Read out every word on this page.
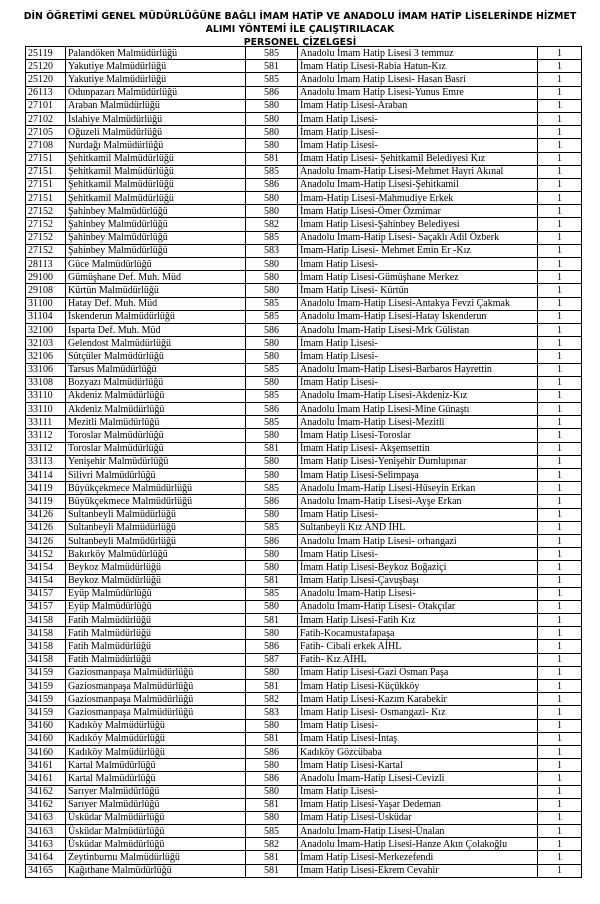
DİN ÖĞRETİMİ GENEL MÜDÜRLÜĞÜNE BAĞLI İMAM HATİP VE ANADOLU İMAM HATİP LİSELERİNDE HİZMET ALIMI YÖNTEMİ İLE ÇALIŞTIRILACAK
PERSONEL ÇİZELGESİ
25119	Palandöken Malmüdürlüğü	585	Anadolu İmam Hatip Lisesi 3 temmuz	1
25120	Yakutiye Malmüdürlüğü	581	İmam Hatip Lisesi-Rabia Hatun-Kız	1
25120	Yakutiye Malmüdürlüğü	585	Anadolu İmam Hatip Lisesi- Hasan Basri	1
26113	Odunpazarı Malmüdürlüğü	586	Anadolu İmam Hatip Lisesi-Yunus Emre	1
27101	Araban Malmüdürlüğü	580	İmam Hatip Lisesi-Araban	1
27102	İslahiye Malmüdürlüğü	580	İmam Hatip Lisesi-	1
27105	Oğuzeli Malmüdürlüğü	580	İmam Hatip Lisesi-	1
27108	Nurdağı Malmüdürlüğü	580	İmam Hatip Lisesi-	1
27151	Şehitkamil Malmüdürlüğü	581	İmam Hatip Lisesi- Şehitkamil Belediyesi Kız	1
27151	Şehitkamil Malmüdürlüğü	585	Anadolu İmam-Hatip Lisesi-Mehmet Hayri Akınal	1
27151	Şehitkamil Malmüdürlüğü	586	Anadolu İmam-Hatip Lisesi-Şehitkamil	1
27151	Şehitkamil Malmüdürlüğü	580	İmam-Hatip Lisesi-Mahmudiye Erkek	1
27152	Şahinbey Malmüdürlüğü	580	İmam Hatip Lisesi-Ömer Özmimar	1
27152	Şahinbey Malmüdürlüğü	582	İmam Hatip Lisesi-Şahinbey Belediyesi	1
27152	Şahinbey Malmüdürlüğü	585	Anadolu İmam-Hatip Lisesi- Saçaklı Adil Özberk	1
27152	Şahinbey Malmüdürlüğü	583	İmam-Hatip Lisesi- Mehmet Emin Er -Kız	1
28113	Güce Malmüdürlüğü	580	İmam Hatip Lisesi-	1
29100	Gümüşhane Def. Muh. Müd	580	İmam Hatip Lisesi-Gümüşhane Merkez	1
29108	Kürtün Malmüdürlüğü	580	İmam Hatip Lisesi- Kürtün	1
31100	Hatay Def. Muh. Müd	585	Anadolu İmam-Hatip Lisesi-Antakya Fevzi Çakmak	1
31104	İskenderun Malmüdürlüğü	585	Anadolu İmam-Hatip Lisesi-Hatay İskenderun	1
32100	Isparta Def. Muh. Müd	586	Anadolu İmam-Hatip Lisesi-Mrk Gülistan	1
32103	Gelendost Malmüdürlüğü	580	İmam Hatip Lisesi-	1
32106	Sütçüler Malmüdürlüğü	580	İmam Hatip Lisesi-	1
33106	Tarsus Malmüdürlüğü	585	Anadolu İmam-Hatip Lisesi-Barbaros Hayrettin	1
33108	Bozyazı Malmüdürlüğü	580	İmam Hatip Lisesi-	1
33110	Akdeniz Malmüdürlüğü	585	Anadolu İmam-Hatip Lisesi-Akdeniz-Kız	1
33110	Akdeniz Malmüdürlüğü	586	Anadolu İmam Hatip Lisesi-Mine Günaştı	1
33111	Mezitli Malmüdürlüğü	585	Anadolu İmam-Hatip Lisesi-Mezitli	1
33112	Toroslar Malmüdürlüğü	580	İmam Hatip Lisesi-Toroslar	1
33112	Toroslar Malmüdürlüğü	581	İmam Hatip Lisesi- Akşemsettin	1
33113	Yenişehir Malmüdürlüğü	580	İmam Hatip Lisesi-Yenişehir Dumlupınar	1
34114	Silivri Malmüdürlüğü	580	İmam Hatip Lisesi-Selimpaşa	1
34119	Büyükçekmece Malmüdürlüğü	585	Anadolu İmam-Hatip Lisesi-Hüseyin Erkan	1
34119	Büyükçekmece Malmüdürlüğü	586	Anadolu İmam-Hatip Lisesi-Ayşe Erkan	1
34126	Sultanbeyli Malmüdürlüğü	580	İmam Hatip Lisesi-	1
34126	Sultanbeyli Malmüdürlüğü	585	Sultanbeyli Kız AND İHL	1
34126	Sultanbeyli Malmüdürlüğü	586	Anadolu İmam Hatip Lisesi- orhangazi	1
34152	Bakırköy Malmüdürlüğü	580	İmam Hatip Lisesi-	1
34154	Beykoz Malmüdürlüğü	580	İmam Hatip Lisesi-Beykoz Boğaziçi	1
34154	Beykoz Malmüdürlüğü	581	İmam Hatip Lisesi-Çavuşbaşı	1
34157	Eyüp Malmüdürlüğü	585	Anadolu İmam-Hatip Lisesi-	1
34157	Eyüp Malmüdürlüğü	580	Anadolu İmam-Hatip Lisesi- Otakçılar	1
34158	Fatih Malmüdürlüğü	581	İmam Hatip Lisesi-Fatih Kız	1
34158	Fatih Malmüdürlüğü	580	Fatih-Kocamustafapaşa	1
34158	Fatih Malmüdürlüğü	586	Fatih- Cibali erkek AİHL	1
34158	Fatih Malmüdürlüğü	587	Fatih- Kız AİHL	1
34159	Gaziosmanpaşa Malmüdürlüğü	580	İmam Hatip Lisesi-Gazi Osman Paşa	1
34159	Gaziosmanpaşa Malmüdürlüğü	581	İmam Hatip Lisesi-Küçükköy	1
34159	Gaziosmanpaşa Malmüdürlüğü	582	İmam Hatip Lisesi-Kazım Karabekir	1
34159	Gaziosmanpaşa Malmüdürlüğü	583	İmam Hatip Lisesi- Osmangazi- Kız	1
34160	Kadıköy Malmüdürlüğü	580	İmam Hatip Lisesi-	1
34160	Kadıköy Malmüdürlüğü	581	İmam Hatip Lisesi-İntaş	1
34160	Kadıköy Malmüdürlüğü	586	Kadıköy Gözcübaba	1
34161	Kartal Malmüdürlüğü	580	İmam Hatip Lisesi-Kartal	1
34161	Kartal Malmüdürlüğü	586	Anadolu İmam-Hatip Lisesi-Cevizli	1
34162	Sarıyer Malmüdürlüğü	580	İmam Hatip Lisesi-	1
34162	Sarıyer Malmüdürlüğü	581	İmam Hatip Lisesi-Yaşar Dedeman	1
34163	Üsküdar Malmüdürlüğü	580	İmam Hatip Lisesi-Üsküdar	1
34163	Üsküdar Malmüdürlüğü	585	Anadolu İmam-Hatip Lisesi-Ünalan	1
34163	Üsküdar Malmüdürlüğü	582	Anadolu İmam-Hatip Lisesi-Hanze Akın Çolakoğlu	1
34164	Zeytinburnu Malmüdürlüğü	581	İmam Hatip Lisesi-Merkezefendi	1
34165	Kağıthane Malmüdürlüğü	581	İmam Hatip Lisesi-Ekrem Cevahir	1
